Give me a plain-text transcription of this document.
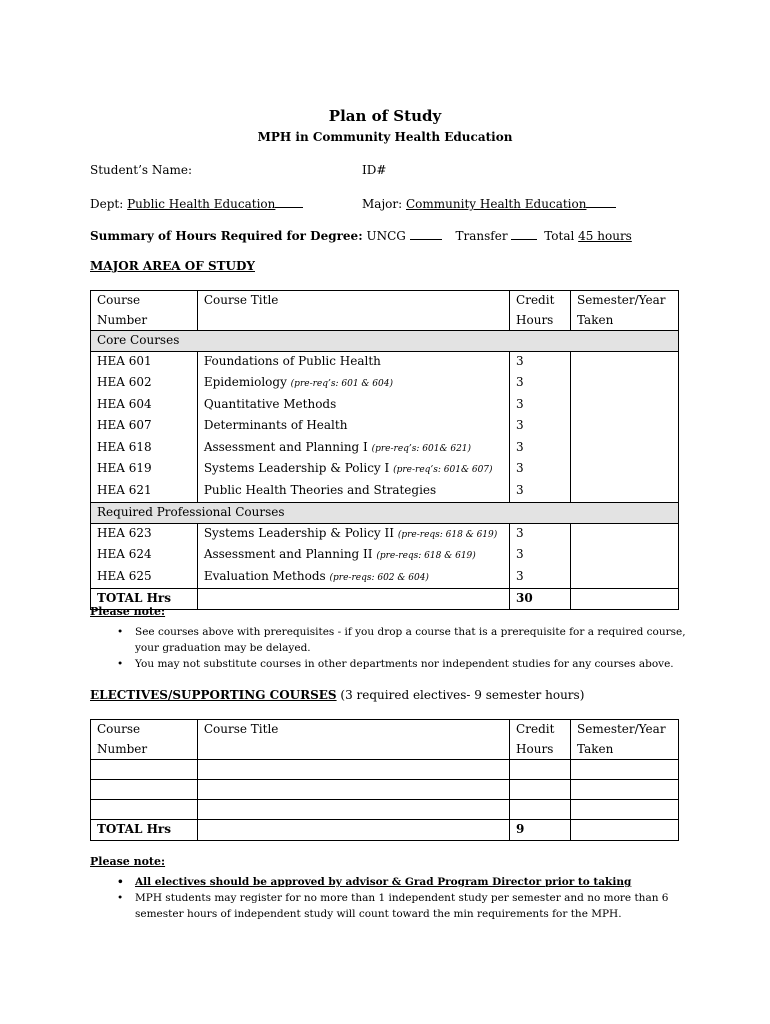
Plan of Study
MPH in Community Health Education
Student’s Name:	ID#
Dept: Public Health Education	Major: Community Health Education
Summary of Hours Required for Degree: UNCG	Transfer	Total 45 hours
MAJOR AREA OF STUDY
Course Number	Course Title	Credit Hours	Semester/Year Taken
Core Courses			
HEA 601	Foundations of Public Health	3	
HEA 602	Epidemiology (pre-req’s: 601 & 604)	3	
HEA 604	Quantitative Methods	3	
HEA 607	Determinants of Health	3	
HEA 618	Assessment and Planning I (pre-req’s: 601& 621)	3	
HEA 619	Systems Leadership & Policy I (pre-req’s: 601& 607)	3	
HEA 621	Public Health Theories and Strategies	3	
Required Professional Courses			
HEA 623	Systems Leadership & Policy II (pre-reqs: 618 & 619)	3	
HEA 624	Assessment and Planning II (pre-reqs: 618 & 619)	3	
HEA 625	Evaluation Methods (pre-reqs: 602 & 604)	3	
TOTAL Hrs		30	
Please note:
• See courses above with prerequisites - if you drop a course that is a prerequisite for a required course, your graduation may be delayed.
• You may not substitute courses in other departments nor independent studies for any courses above.
ELECTIVES/SUPPORTING COURSES (3 required electives- 9 semester hours)
Course Number	Course Title	Credit Hours	Semester/Year Taken

TOTAL Hrs		9	
Please note:
• All electives should be approved by advisor & Grad Program Director prior to taking
• MPH students may register for no more than 1 independent study per semester and no more than 6 semester hours of independent study will count toward the min requirements for the MPH.
